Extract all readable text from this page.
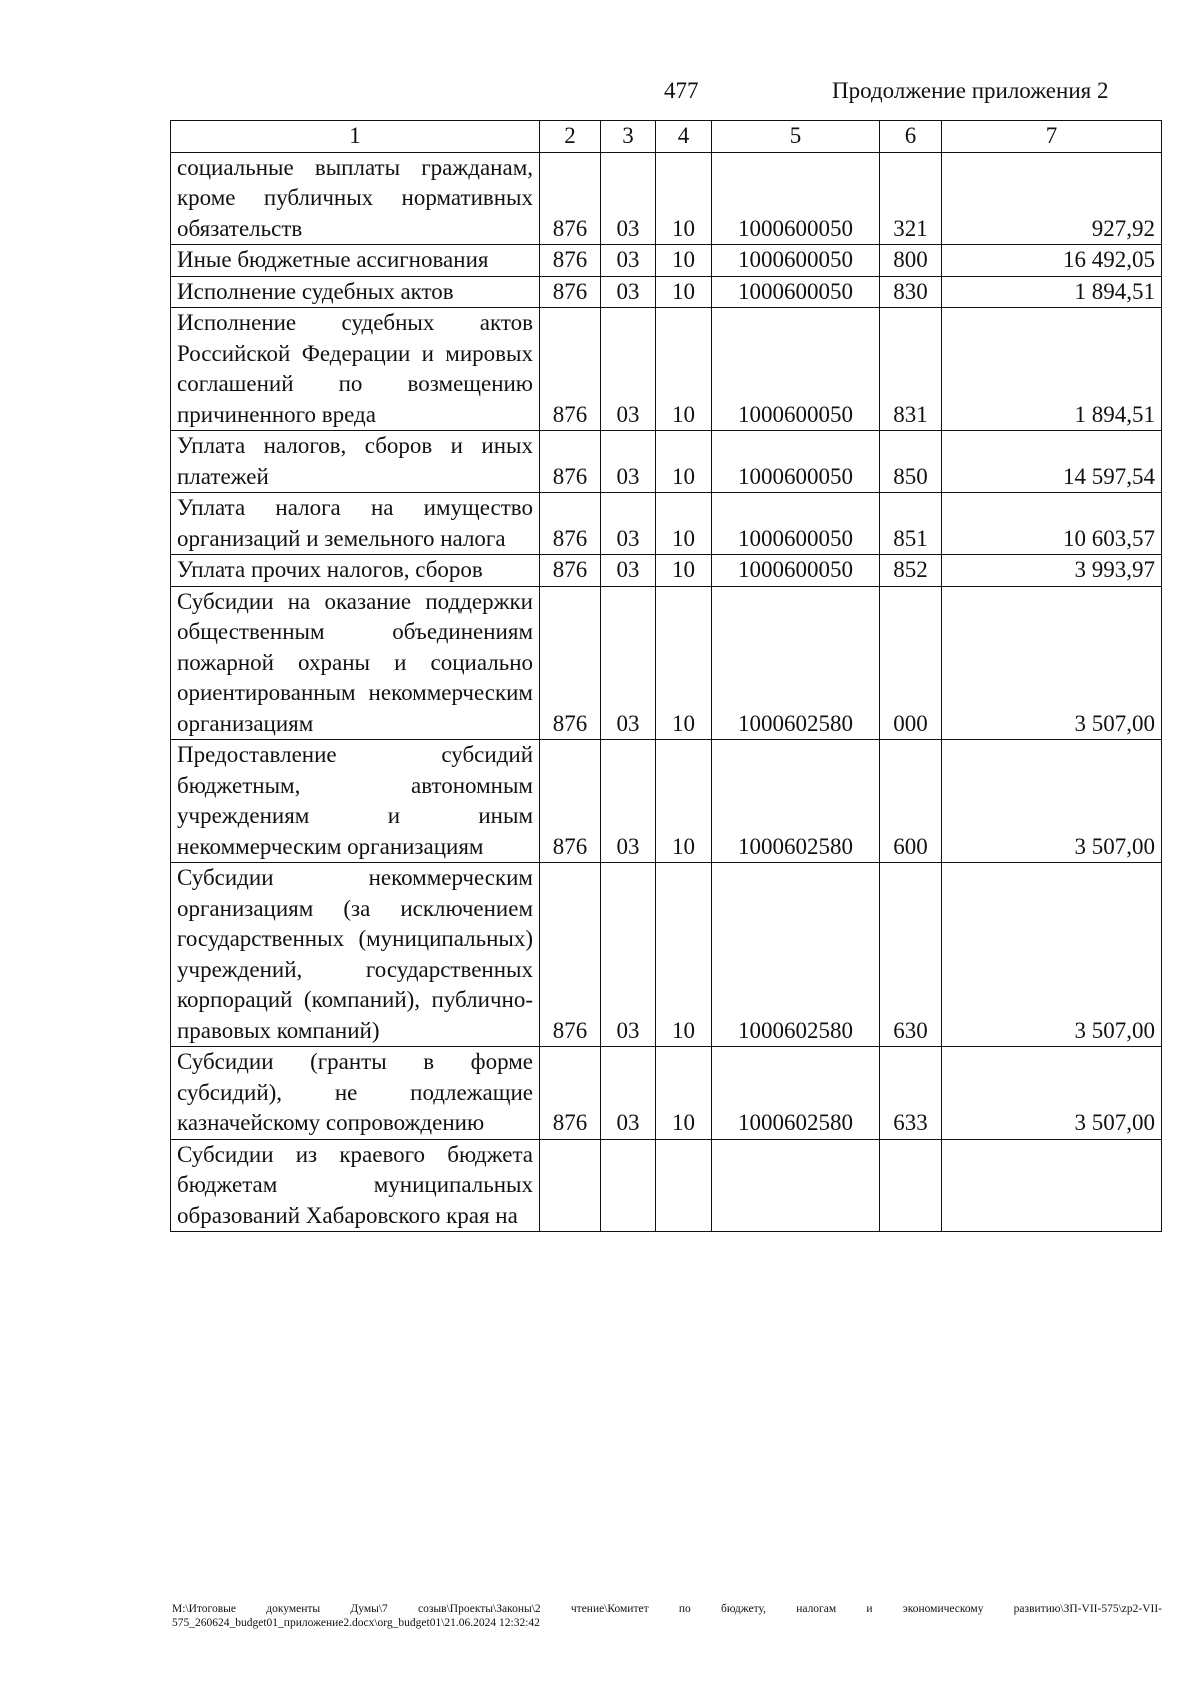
477	Продолжение приложения 2
1	2	3	4	5	6	7
социальные выплаты гражданам, кроме публичных нормативных обязательств	876	03	10	1000600050	321	927,92
Иные бюджетные ассигнования	876	03	10	1000600050	800	16 492,05
Исполнение судебных актов	876	03	10	1000600050	830	1 894,51
Исполнение судебных актов Российской Федерации и мировых соглашений по возмещению причиненного вреда	876	03	10	1000600050	831	1 894,51
Уплата налогов, сборов и иных платежей	876	03	10	1000600050	850	14 597,54
Уплата налога на имущество организаций и земельного налога	876	03	10	1000600050	851	10 603,57
Уплата прочих налогов, сборов	876	03	10	1000600050	852	3 993,97
Субсидии на оказание поддержки общественным объединениям пожарной охраны и социально ориентированным некоммерческим организациям	876	03	10	1000602580	000	3 507,00
Предоставление субсидий бюджетным, автономным учреждениям и иным некоммерческим организациям	876	03	10	1000602580	600	3 507,00
Субсидии некоммерческим организациям (за исключением государственных (муниципальных) учреждений, государственных корпораций (компаний), публично-правовых компаний)	876	03	10	1000602580	630	3 507,00
Субсидии (гранты в форме субсидий), не подлежащие казначейскому сопровождению	876	03	10	1000602580	633	3 507,00
Субсидии из краевого бюджета бюджетам муниципальных образований Хабаровского края на						
M:\Итоговые документы Думы\7 созыв\Проекты\Законы\2 чтение\Комитет по бюджету, налогам и экономическому развитию\ЗП-VII-575\zp2-VII-575_260624_budget01_приложение2.docx\org_budget01\21.06.2024 12:32:42
